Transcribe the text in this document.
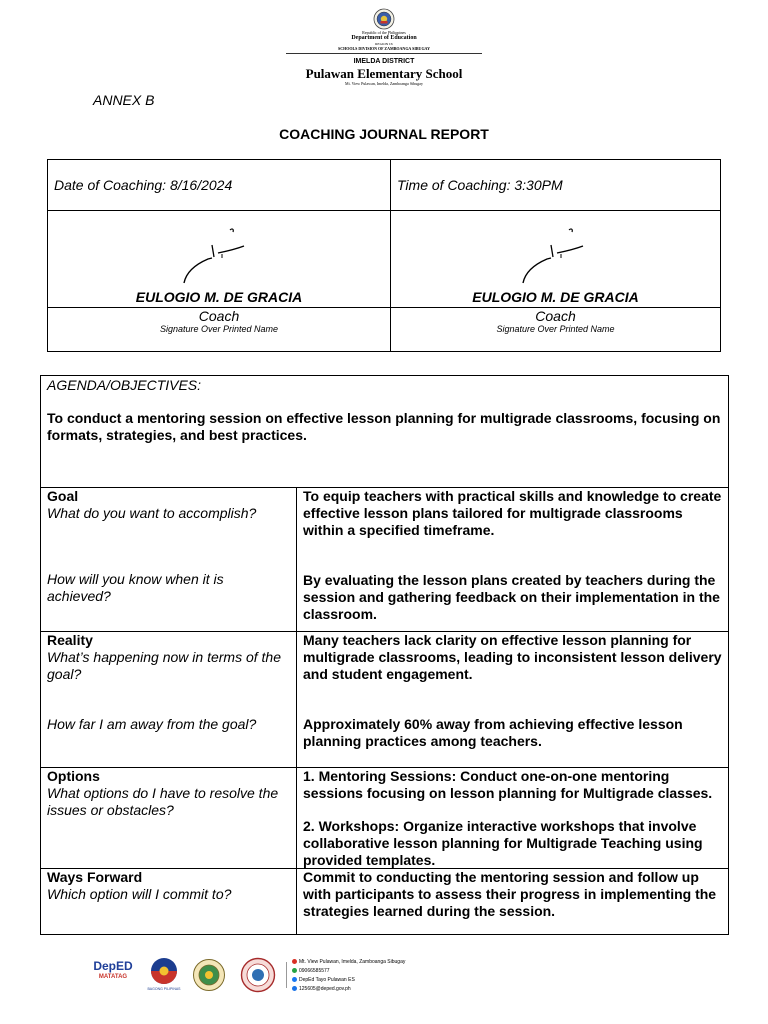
Republic of the Philippines
Department of Education
REGION IX
SCHOOLS DIVISION OF ZAMBOANGA SIBUGAY
IMELDA DISTRICT
Pulawan Elementary School
Mt. View Pulawan, Imelda, Zamboanga Sibugay
ANNEX B
COACHING JOURNAL REPORT
Date of Coaching: 8/16/2024	Time of Coaching: 3:30PM
EULOGIO M. DE GRACIA	EULOGIO M. DE GRACIA
Coach
Signature Over Printed Name
Coach
Signature Over Printed Name
AGENDA/OBJECTIVES:
To conduct a mentoring session on effective lesson planning for multigrade classrooms, focusing on formats, strategies, and best practices.
Goal
What do you want to accomplish?
How will you know when it is achieved?
To equip teachers with practical skills and knowledge to create effective lesson plans tailored for multigrade classrooms within a specified timeframe.
By evaluating the lesson plans created by teachers during the session and gathering feedback on their implementation in the classroom.
Reality
What’s happening now in terms of the goal?
How far I am away from the goal?
Many teachers lack clarity on effective lesson planning for multigrade classrooms, leading to inconsistent lesson delivery and student engagement.
Approximately 60% away from achieving effective lesson planning practices among teachers.
Options
What options do I have to resolve the issues or obstacles?
1. Mentoring Sessions: Conduct one-on-one mentoring sessions focusing on lesson planning for Multigrade classes.
2. Workshops: Organize interactive workshops that involve collaborative lesson planning for Multigrade Teaching using provided templates.
Ways Forward
Which option will I commit to?
Commit to conducting the mentoring session and follow up with participants to assess their progress in implementing the strategies learned during the session.
DepED
MATATAG
BAGONG PILIPINAS
Mt. View Pulawan, Imelda, Zamboanga Sibugay
09066585577
DepEd Tayo Pulawan ES
125605@deped.gov.ph
